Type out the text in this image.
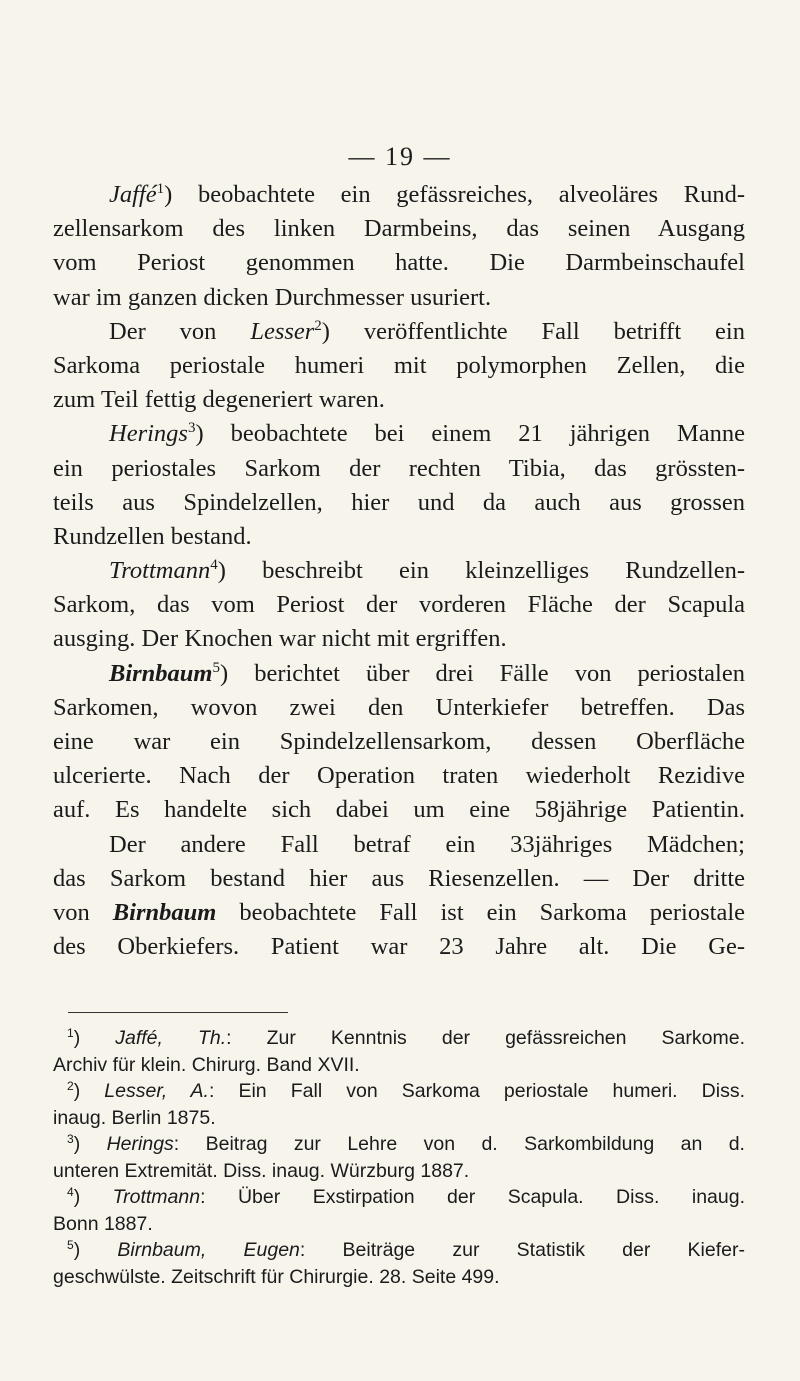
— 19 —
Jaffé$^1$) beobachtete ein gefässreiches, alveoläres Rund-
zellensarkom des linken Darmbeins, das seinen Ausgang
vom Periost genommen hatte. Die Darmbeinschaufel
war im ganzen dicken Durchmesser usuriert.
Der von Lesser$^2$) veröffentlichte Fall betrifft ein
Sarkoma periostale humeri mit polymorphen Zellen, die
zum Teil fettig degeneriert waren.
Herings$^3$) beobachtete bei einem 21 jährigen Manne
ein periostales Sarkom der rechten Tibia, das grössten-
teils aus Spindelzellen, hier und da auch aus grossen
Rundzellen bestand.
Trottmann$^4$) beschreibt ein kleinzelliges Rundzellen-
Sarkom, das vom Periost der vorderen Fläche der Scapula
ausging. Der Knochen war nicht mit ergriffen.
Birnbaum$^5$) berichtet über drei Fälle von periostalen
Sarkomen, wovon zwei den Unterkiefer betreffen. Das
eine war ein Spindelzellensarkom, dessen Oberfläche
ulcerierte. Nach der Operation traten wiederholt Rezidive
auf. Es handelte sich dabei um eine 58jährige Patientin.
Der andere Fall betraf ein 33jähriges Mädchen;
das Sarkom bestand hier aus Riesenzellen. — Der dritte
von Birnbaum beobachtete Fall ist ein Sarkoma periostale
des Oberkiefers. Patient war 23 Jahre alt. Die Ge-
$^1$) Jaffé, Th.: Zur Kenntnis der gefässreichen Sarkome.
Archiv für klein. Chirurg. Band XVII.
$^2$) Lesser, A.: Ein Fall von Sarkoma periostale humeri. Diss.
inaug. Berlin 1875.
$^3$) Herings: Beitrag zur Lehre von d. Sarkombildung an d.
unteren Extremität. Diss. inaug. Würzburg 1887.
$^4$) Trottmann: Über Exstirpation der Scapula. Diss. inaug.
Bonn 1887.
$^5$) Birnbaum, Eugen: Beiträge zur Statistik der Kiefer-
geschwülste. Zeitschrift für Chirurgie. 28. Seite 499.
